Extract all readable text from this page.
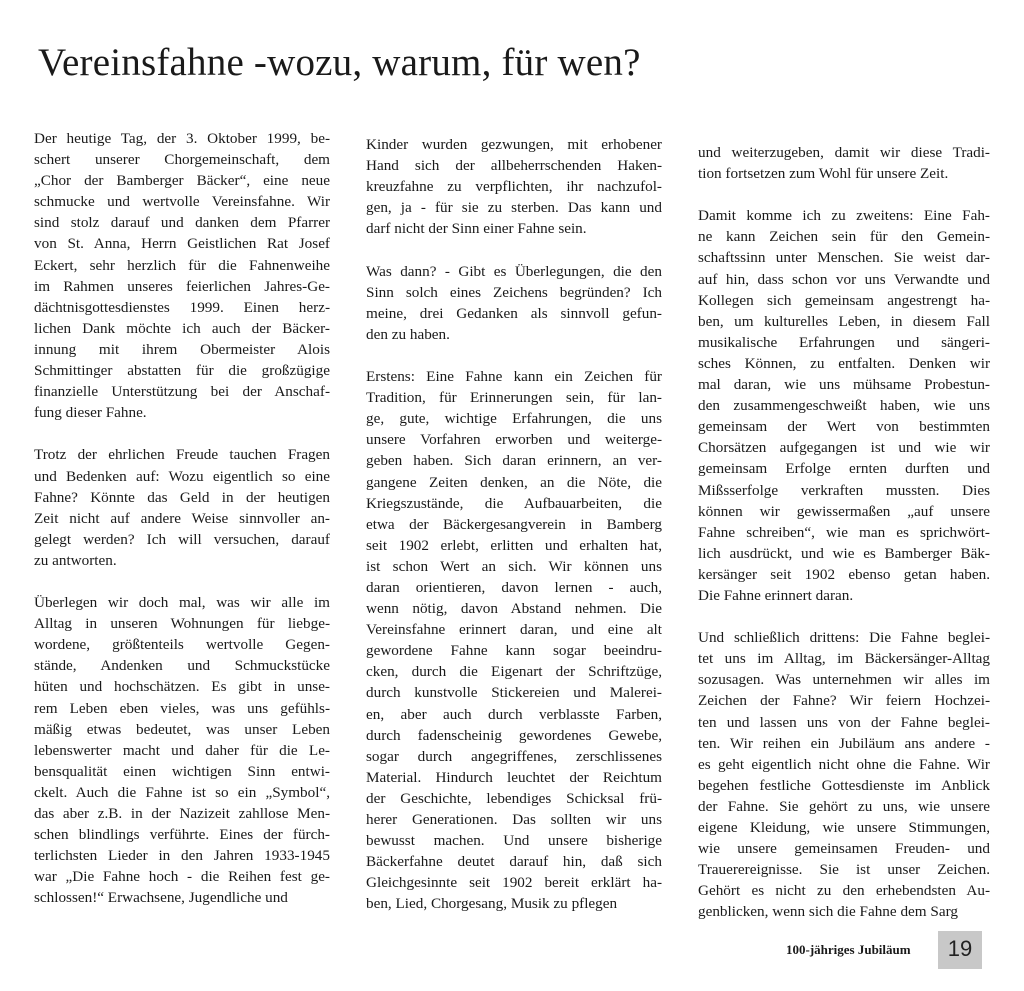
Vereinsfahne -wozu, warum, für wen?

Der heutige Tag, der 3. Oktober 1999, be-
schert unserer Chorgemeinschaft, dem
„Chor der Bamberger Bäcker“, eine neue
schmucke und wertvolle Vereinsfahne. Wir
sind stolz darauf und danken dem Pfarrer
von St. Anna, Herrn Geistlichen Rat Josef
Eckert, sehr herzlich für die Fahnenweihe
im Rahmen unseres feierlichen Jahres-Ge-
dächtnisgottesdienstes 1999. Einen herz-
lichen Dank möchte ich auch der Bäcker-
innung mit ihrem Obermeister Alois
Schmittinger abstatten für die großzügige
finanzielle Unterstützung bei der Anschaf-
fung dieser Fahne.

Trotz der ehrlichen Freude tauchen Fragen
und Bedenken auf: Wozu eigentlich so eine
Fahne? Könnte das Geld in der heutigen
Zeit nicht auf andere Weise sinnvoller an-
gelegt werden? Ich will versuchen, darauf
zu antworten.

Überlegen wir doch mal, was wir alle im
Alltag in unseren Wohnungen für liebge-
wordene, größtenteils wertvolle Gegen-
stände, Andenken und Schmuckstücke
hüten und hochschätzen. Es gibt in unse-
rem Leben eben vieles, was uns gefühls-
mäßig etwas bedeutet, was unser Leben
lebenswerter macht und daher für die Le-
bensqualität einen wichtigen Sinn entwi-
ckelt. Auch die Fahne ist so ein „Symbol“,
das aber z.B. in der Nazizeit zahllose Men-
schen blindlings verführte. Eines der fürch-
terlichsten Lieder in den Jahren 1933-1945
war „Die Fahne hoch - die Reihen fest ge-
schlossen!“ Erwachsene, Jugendliche und

Kinder wurden gezwungen, mit erhobener
Hand sich der allbeherrschenden Haken-
kreuzfahne zu verpflichten, ihr nachzufol-
gen, ja - für sie zu sterben. Das kann und
darf nicht der Sinn einer Fahne sein.

Was dann? - Gibt es Überlegungen, die den
Sinn solch eines Zeichens begründen? Ich
meine, drei Gedanken als sinnvoll gefun-
den zu haben.

Erstens: Eine Fahne kann ein Zeichen für
Tradition, für Erinnerungen sein, für lan-
ge, gute, wichtige Erfahrungen, die uns
unsere Vorfahren erworben und weiterge-
geben haben. Sich daran erinnern, an ver-
gangene Zeiten denken, an die Nöte, die
Kriegszustände, die Aufbauarbeiten, die
etwa der Bäckergesangverein in Bamberg
seit 1902 erlebt, erlitten und erhalten hat,
ist schon Wert an sich. Wir können uns
daran orientieren, davon lernen - auch,
wenn nötig, davon Abstand nehmen. Die
Vereinsfahne erinnert daran, und eine alt
gewordene Fahne kann sogar beeindru-
cken, durch die Eigenart der Schriftzüge,
durch kunstvolle Stickereien und Malerei-
en, aber auch durch verblasste Farben,
durch fadenscheinig gewordenes Gewebe,
sogar durch angegriffenes, zerschlissenes
Material. Hindurch leuchtet der Reichtum
der Geschichte, lebendiges Schicksal frü-
herer Generationen. Das sollten wir uns
bewusst machen. Und unsere bisherige
Bäckerfahne deutet darauf hin, daß sich
Gleichgesinnte seit 1902 bereit erklärt ha-
ben, Lied, Chorgesang, Musik zu pflegen

und weiterzugeben, damit wir diese Tradi-
tion fortsetzen zum Wohl für unsere Zeit.

Damit komme ich zu zweitens: Eine Fah-
ne kann Zeichen sein für den Gemein-
schaftssinn unter Menschen. Sie weist dar-
auf hin, dass schon vor uns Verwandte und
Kollegen sich gemeinsam angestrengt ha-
ben, um kulturelles Leben, in diesem Fall
musikalische Erfahrungen und sängeri-
sches Können, zu entfalten. Denken wir
mal daran, wie uns mühsame Probestun-
den zusammengeschweißt haben, wie uns
gemeinsam der Wert von bestimmten
Chorsätzen aufgegangen ist und wie wir
gemeinsam Erfolge ernten durften und
Mißsserfolge verkraften mussten. Dies
können wir gewissermaßen „auf unsere
Fahne schreiben“, wie man es sprichwört-
lich ausdrückt, und wie es Bamberger Bäk-
kersänger seit 1902 ebenso getan haben.
Die Fahne erinnert daran.

Und schließlich drittens: Die Fahne beglei-
tet uns im Alltag, im Bäckersänger-Alltag
sozusagen. Was unternehmen wir alles im
Zeichen der Fahne? Wir feiern Hochzei-
ten und lassen uns von der Fahne beglei-
ten. Wir reihen ein Jubiläum ans andere -
es geht eigentlich nicht ohne die Fahne. Wir
begehen festliche Gottesdienste im Anblick
der Fahne. Sie gehört zu uns, wie unsere
eigene Kleidung, wie unsere Stimmungen,
wie unsere gemeinsamen Freuden- und
Trauerereignisse. Sie ist unser Zeichen.
Gehört es nicht zu den erhebendsten Au-
genblicken, wenn sich die Fahne dem Sarg

100-jähriges Jubiläum	19
